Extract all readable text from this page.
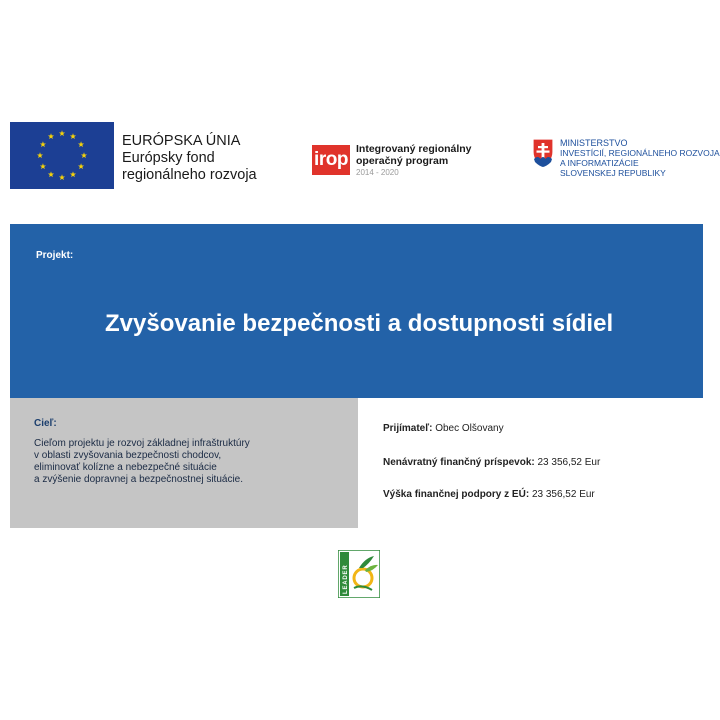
EURÓPSKA ÚNIA
Európsky fond
regionálneho rozvoja
irop Integrovaný regionálny
operačný program
2014 - 2020
MINISTERSTVO
INVESTÍCIÍ, REGIONÁLNEHO ROZVOJA
A INFORMATIZÁCIE
SLOVENSKEJ REPUBLIKY
Projekt:
Zvyšovanie bezpečnosti a dostupnosti sídiel
Cieľ:
Cieľom projektu je rozvoj základnej infraštruktúry
v oblasti zvyšovania bezpečnosti chodcov,
eliminovať kolízne a nebezpečné situácie
a zvýšenie dopravnej a bezpečnostnej situácie.
Prijímateľ: Obec Olšovany
Nenávratný finančný príspevok: 23 356,52 Eur
Výška finančnej podpory z EÚ: 23 356,52 Eur
LEADER
